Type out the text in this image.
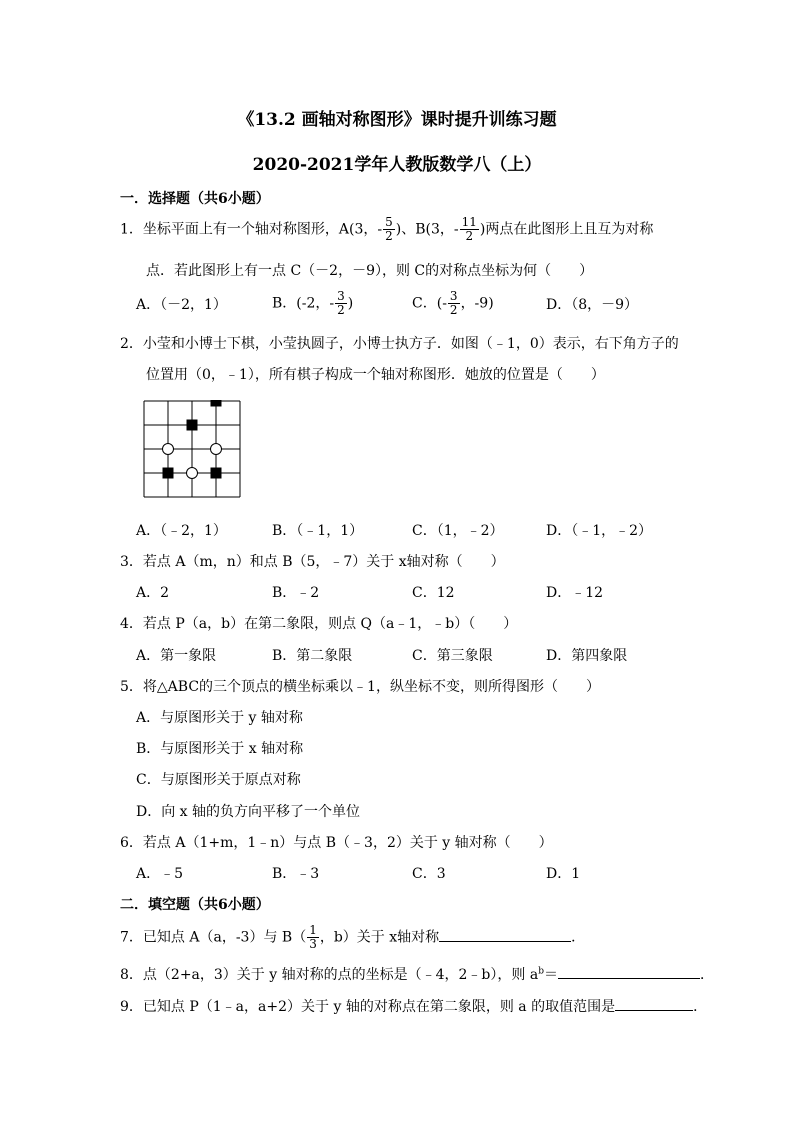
《13.2 画轴对称图形》课时提升训练习题
2020-2021学年人教版数学八（上）
一．选择题（共6小题）
1．坐标平面上有一个轴对称图形，A(3，- $\frac{5}{2}$ )、B(3，- $\frac{11}{2}$ )两点在此图形上且互为对称
点．若此图形上有一点 C（－2，－9），则 C的对称点坐标为何（　　）
A．（－2，1）	B．(-2，- $\frac{3}{2}$ )	C．(- $\frac{3}{2}$ ，-9)	D．（8，－9）
2．小莹和小博士下棋，小莹执圆子，小博士执方子．如图（﹣1，0）表示，右下角方子的
位置用（0，﹣1），所有棋子构成一个轴对称图形．她放的位置是（　　）
A．（﹣2，1）	B．（﹣1，1）	C．（1，﹣2）	D．（﹣1，﹣2）
3．若点 A（m，n）和点 B（5，﹣7）关于 x轴对称（　　）
A．2	B．﹣2	C．12	D．﹣12
4．若点 P（a，b）在第二象限，则点 Q（a﹣1，﹣b）（　　）
A．第一象限	B．第二象限	C．第三象限	D．第四象限
5．将△ABC的三个顶点的横坐标乘以﹣1，纵坐标不变，则所得图形（　　）
A．与原图形关于 y 轴对称
B．与原图形关于 x 轴对称
C．与原图形关于原点对称
D．向 x 轴的负方向平移了一个单位
6．若点 A（1+m，1﹣n）与点 B（﹣3，2）关于 y 轴对称（　　）
A．﹣5	B．﹣3	C．3	D．1
二．填空题（共6小题）
7．已知点 A（a，-3）与 $B( \frac{1}{3}$ ，b）关于 x轴对称	．
8．点（2+a，3）关于 y 轴对称的点的坐标是（﹣4，2﹣b），则 $a^b=$	．
9．已知点 P（1﹣a，a+2）关于 y 轴的对称点在第二象限，则 a 的取值范围是	．
